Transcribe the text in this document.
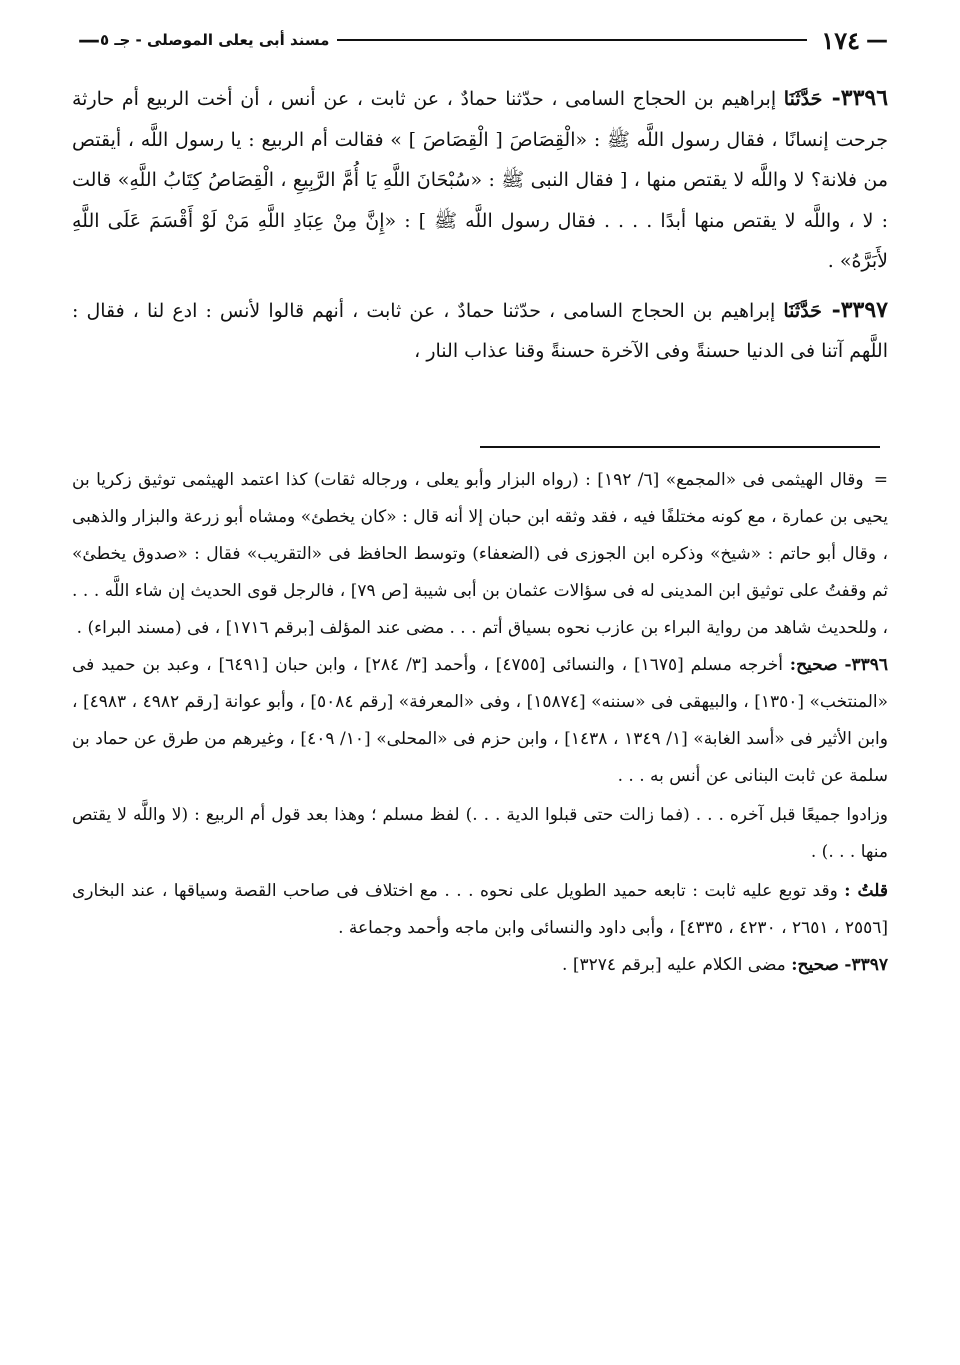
—
١٧٤
مسند أبى يعلى الموصلى - جـ ٥
—

٣٣٩٦- حَدَّثَنَا إبراهيم بن الحجاج السامى ، حدّثنا حمادٌ ، عن ثابت ، عن أنس ، أن أخت الربيع أم حارثة جرحت إنسانًا ، فقال رسول اللَّه ﷺ : «الْقِصَاصَ [ الْقِصَاصَ ] » فقالت أم الربيع : يا رسول اللَّه ، أيقتص من فلانة؟ لا واللَّه لا يقتص منها ، [ فقال النبى ﷺ : «سُبْحَانَ اللَّهِ يَا أُمَّ الرَّبِيعِ ، الْقِصَاصُ كِتَابُ اللَّهِ» قالت : لا ، واللَّه لا يقتص منها أبدًا . . . . فقال رسول اللَّه ﷺ ] : «إِنَّ مِنْ عِبَادِ اللَّهِ مَنْ لَوْ أَقْسَمَ عَلَى اللَّهِ لأَبَرَّهُ» .

٣٣٩٧- حَدَّثَنَا إبراهيم بن الحجاج السامى ، حدّثنا حمادٌ ، عن ثابت ، أنهم قالوا لأنس : ادع لنا ، فقال : اللَّهم آتنا فى الدنيا حسنةً وفى الآخرة حسنةً وقنا عذاب النار ،

= وقال الهيثمى فى «المجمع» [٦/ ١٩٢] : (رواه البزار وأبو يعلى ، ورجاله ثقات) كذا اعتمد الهيثمى توثيق زكريا بن يحيى بن عمارة ، مع كونه مختلفًا فيه ، فقد وثقه ابن حبان إلا أنه قال : «كان يخطئ» ومشاه أبو زرعة والبزار والذهبى ، وقال أبو حاتم : «شيخ» وذكره ابن الجوزى فى (الضعفاء) وتوسط الحافظ فى «التقريب» فقال : «صدوق يخطئ» ثم وقفتُ على توثيق ابن المدينى له فى سؤالات عثمان بن أبى شيبة [ص ٧٩] ، فالرجل قوى الحديث إن شاء اللَّه . . . ، وللحديث شاهد من رواية البراء بن عازب نحوه بسياق أتم . . . مضى عند المؤلف [برقم ١٧١٦] ، فى (مسند البراء) .

٣٣٩٦- صحيح: أخرجه مسلم [١٦٧٥] ، والنسائى [٤٧٥٥] ، وأحمد [٣/ ٢٨٤] ، وابن حبان [٦٤٩١] ، وعبد بن حميد فى «المنتخب» [١٣٥٠] ، والبيهقى فى «سننه» [١٥٨٧٤] ، وفى «المعرفة» [رقم ٥٠٨٤] ، وأبو عوانة [رقم ٤٩٨٢ ، ٤٩٨٣] ، وابن الأثير فى «أسد الغابة» [١/ ١٣٤٩ ، ١٤٣٨] ، وابن حزم فى «المحلى» [١٠/ ٤٠٩] ، وغيرهم من طرق عن حماد بن سلمة عن ثابت البنانى عن أنس به . . .

وزادوا جميعًا قبل آخره . . . (فما زالت حتى قبلوا الدية . . .) لفظ مسلم ؛ وهذا بعد قول أم الربيع : (لا واللَّه لا يقتص منها . . .) .

قلتُ : وقد توبع عليه ثابت : تابعه حميد الطويل على نحوه . . . مع اختلاف فى صاحب القصة وسياقها ، عند البخارى [٢٥٥٦ ، ٢٦٥١ ، ٤٢٣٠ ، ٤٣٣٥] ، وأبى داود والنسائى وابن ماجه وأحمد وجماعة .

٣٣٩٧- صحيح: مضى الكلام عليه [برقم ٣٢٧٤] .
